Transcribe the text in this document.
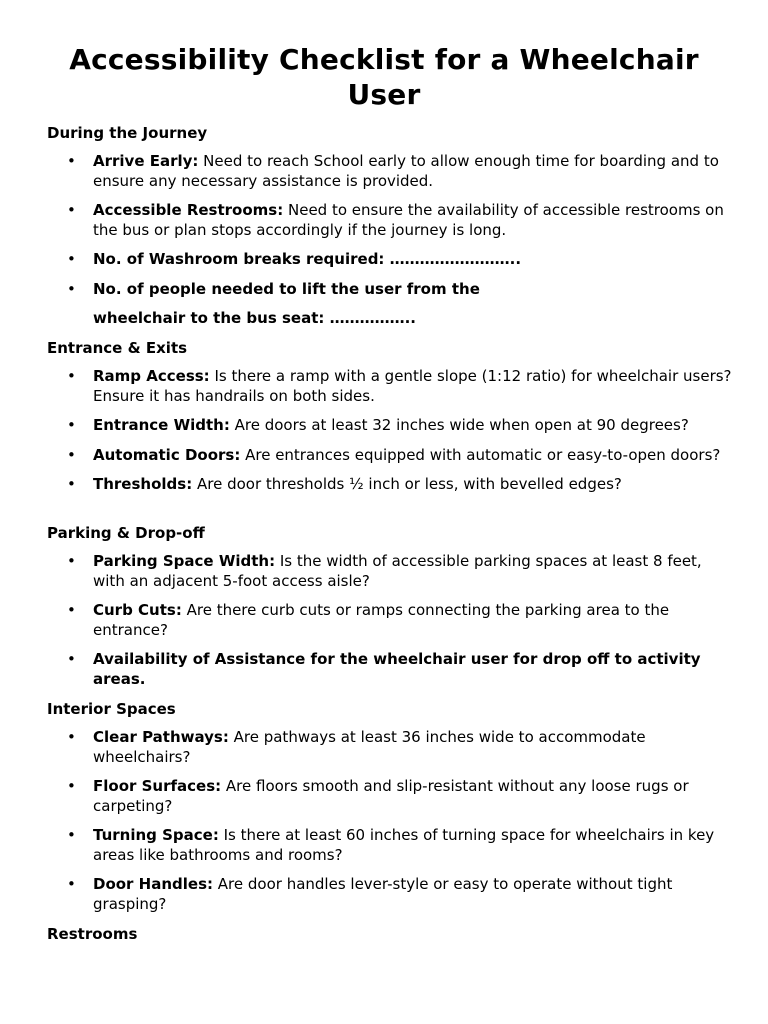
Accessibility Checklist for a Wheelchair User
During the Journey
• Arrive Early: Need to reach School early to allow enough time for boarding and to ensure any necessary assistance is provided.
• Accessible Restrooms: Need to ensure the availability of accessible restrooms on the bus or plan stops accordingly if the journey is long.
• No. of Washroom breaks required: ……………………..
• No. of people needed to lift the user from the
wheelchair to the bus seat: ……………..
Entrance & Exits
• Ramp Access: Is there a ramp with a gentle slope (1:12 ratio) for wheelchair users? Ensure it has handrails on both sides.
• Entrance Width: Are doors at least 32 inches wide when open at 90 degrees?
• Automatic Doors: Are entrances equipped with automatic or easy-to-open doors?
• Thresholds: Are door thresholds ½ inch or less, with bevelled edges?
Parking & Drop-off
• Parking Space Width: Is the width of accessible parking spaces at least 8 feet, with an adjacent 5-foot access aisle?
• Curb Cuts: Are there curb cuts or ramps connecting the parking area to the entrance?
• Availability of Assistance for the wheelchair user for drop off to activity areas.
Interior Spaces
• Clear Pathways: Are pathways at least 36 inches wide to accommodate wheelchairs?
• Floor Surfaces: Are floors smooth and slip-resistant without any loose rugs or carpeting?
• Turning Space: Is there at least 60 inches of turning space for wheelchairs in key areas like bathrooms and rooms?
• Door Handles: Are door handles lever-style or easy to operate without tight grasping?
Restrooms
